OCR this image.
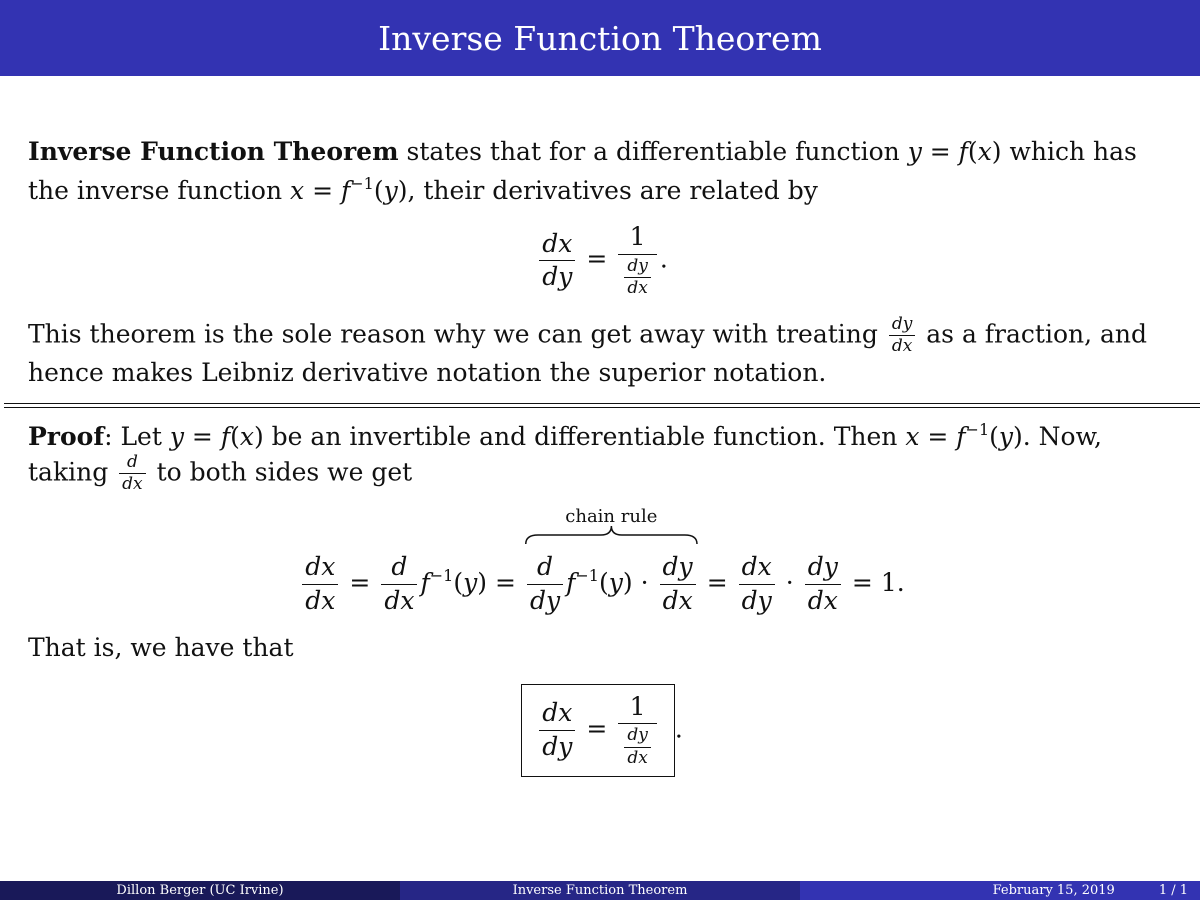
Inverse Function Theorem

Inverse Function Theorem states that for a differentiable function y = f(x) which has the inverse function $x = f^{-1}(y)$, their derivatives are related by

$\frac{dx}{dy} = \frac{1}{\frac{dy}{dx}}$ .

This theorem is the sole reason why we can get away with treating $\frac{dy}{dx}$ as a fraction, and hence makes Leibniz derivative notation the superior notation.

Proof: Let y = f(x) be an invertible and differentiable function. Then $x = f^{-1}(y)$. Now, taking $\frac{d}{dx}$ to both sides we get

$\frac{dx}{dx} = \frac{d}{dx} f^{-1}(y)$ =
chain rule
$\frac{d}{dy} f^{-1}(y) \cdot \frac{dy}{dx} = \frac{dx}{dy} \cdot \frac{dy}{dx} = 1$.

That is, we have that

$\frac{dx}{dy} = \frac{1}{\frac{dy}{dx}}$ .
Dillon Berger (UC Irvine)	Inverse Function Theorem	February 15, 2019	1 / 1
